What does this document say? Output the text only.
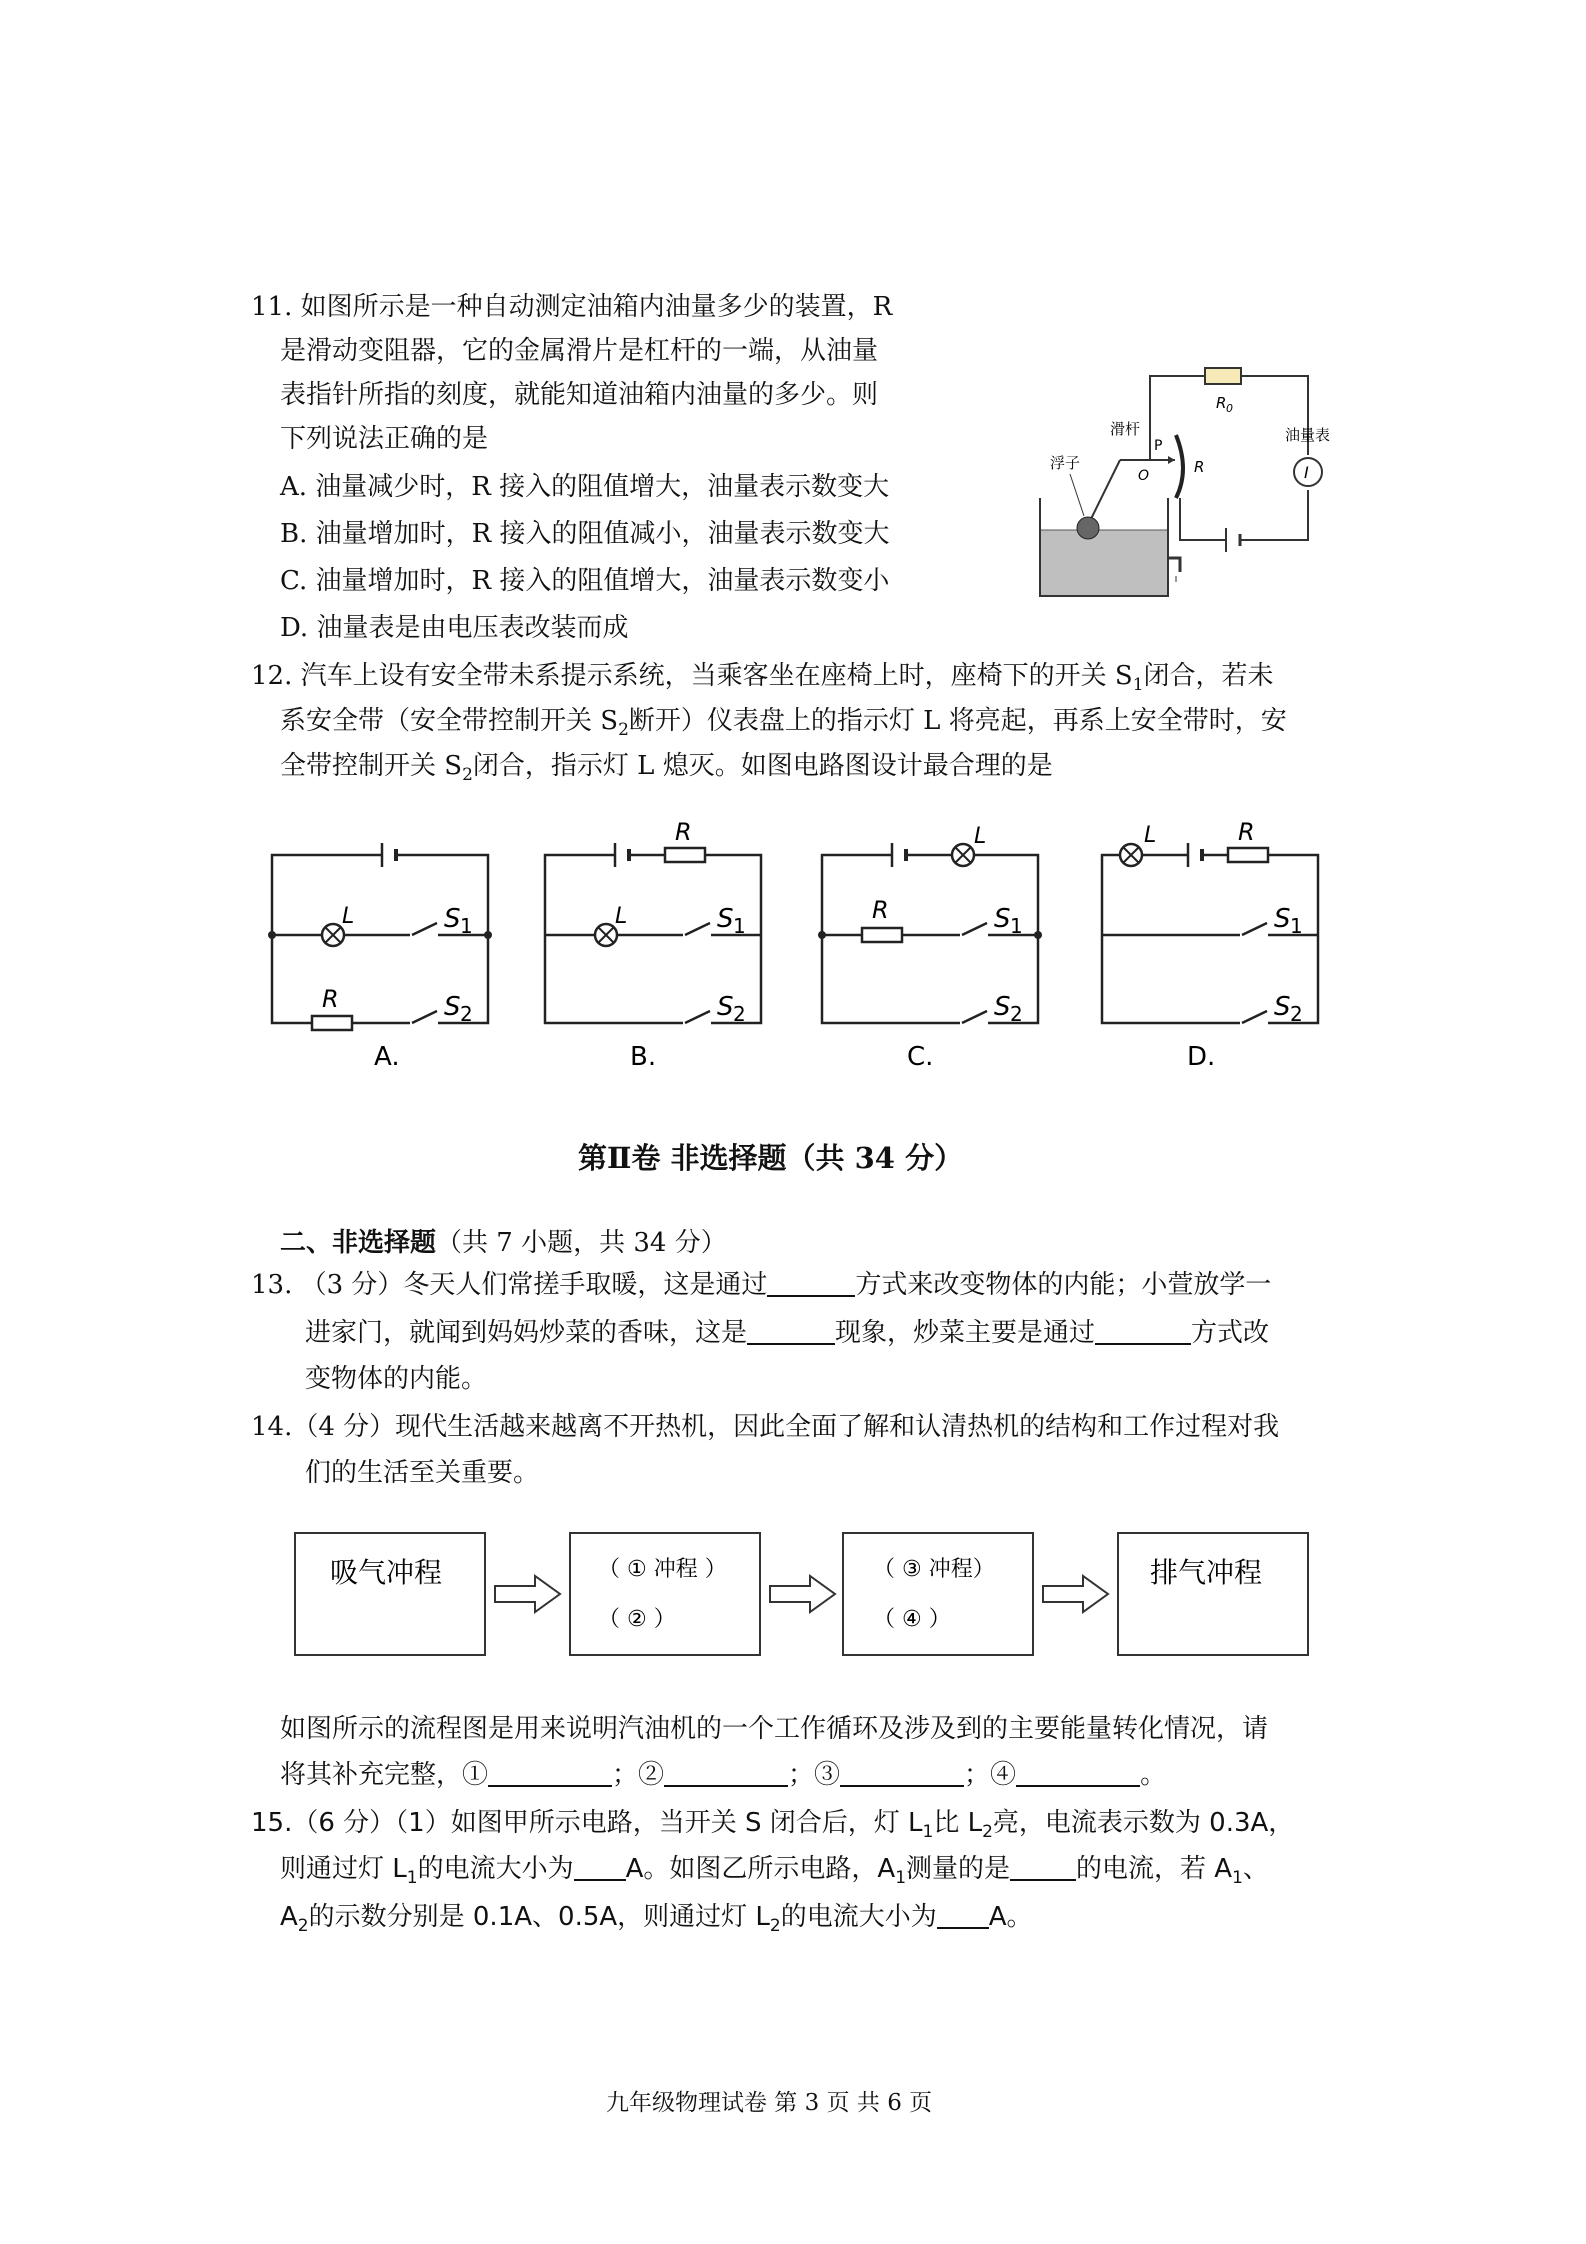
11. 如图所示是一种自动测定油箱内油量多少的装置，R
是滑动变阻器，它的金属滑片是杠杆的一端，从油量
表指针所指的刻度，就能知道油箱内油量的多少。则
下列说法正确的是
A. 油量减少时，R 接入的阻值增大，油量表示数变大
B. 油量增加时，R 接入的阻值减小，油量表示数变大
C. 油量增加时，R 接入的阻值增大，油量表示数变小
D. 油量表是由电压表改装而成
R 0
I
油量表
R
滑杆
O
P
浮子
12. 汽车上设有安全带未系提示系统，当乘客坐在座椅上时，座椅下的开关 $S_1$闭合，若未
系安全带（安全带控制开关 $S_2$断开）仪表盘上的指示灯 L 将亮起，再系上安全带时，安
全带控制开关 $S_2$闭合，指示灯 L 熄灭。如图电路图设计最合理的是
L	S 1
R	S 2
A.
R
L	S 1
S 2
B.
L
R	S 1
S 2
C.
L	R
S 1
S 2
D.
第Ⅱ卷 非选择题（共 34 分）
二、非选择题（共 7 小题，共 34 分）
13. （3 分）冬天人们常搓手取暖，这是通过	方式来改变物体的内能；小萱放学一
进家门，就闻到妈妈炒菜的香味，这是	现象，炒菜主要是通过	方式改
变物体的内能。
14.（4 分）现代生活越来越离不开热机，因此全面了解和认清热机的结构和工作过程对我
们的生活至关重要。
吸气冲程	（ ① 冲程 ）
（ ② ）
（ ③ 冲程）
（ ④ ）
排气冲程
如图所示的流程图是用来说明汽油机的一个工作循环及涉及到的主要能量转化情况，请
将其补充完整，①	；②	；③	；④	。
15.（6 分）（1）如图甲所示电路，当开关 S 闭合后，灯 $L_1$比 $L_2$亮，电流表示数为 0.3A，
则通过灯 $L_1$的电流大小为 A。如图乙所示电路，$A_1$测量的是	的电流，若 $A_1$、
$A_2$的示数分别是 0.1A、0.5A，则通过灯 $L_2$的电流大小为 A。
九年级物理试卷 第 3 页 共 6 页
